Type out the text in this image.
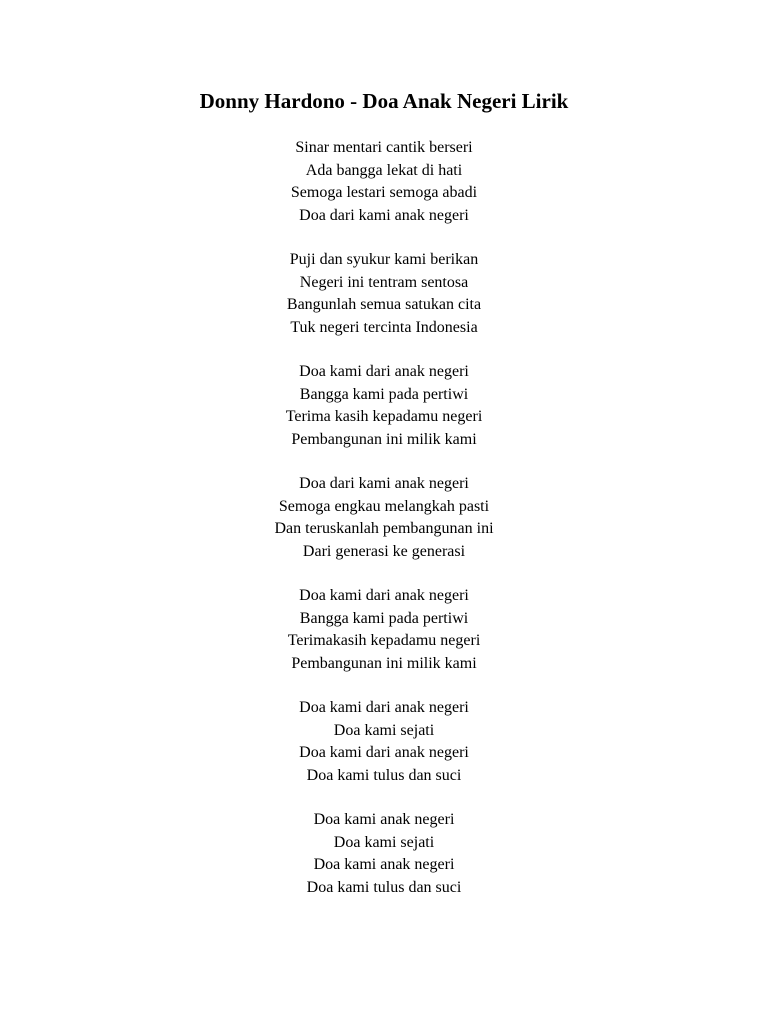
Donny Hardono - Doa Anak Negeri Lirik
Sinar mentari cantik berseri
Ada bangga lekat di hati
Semoga lestari semoga abadi
Doa dari kami anak negeri
Puji dan syukur kami berikan
Negeri ini tentram sentosa
Bangunlah semua satukan cita
Tuk negeri tercinta Indonesia
Doa kami dari anak negeri
Bangga kami pada pertiwi
Terima kasih kepadamu negeri
Pembangunan ini milik kami
Doa dari kami anak negeri
Semoga engkau melangkah pasti
Dan teruskanlah pembangunan ini
Dari generasi ke generasi
Doa kami dari anak negeri
Bangga kami pada pertiwi
Terimakasih kepadamu negeri
Pembangunan ini milik kami
Doa kami dari anak negeri
Doa kami sejati
Doa kami dari anak negeri
Doa kami tulus dan suci
Doa kami anak negeri
Doa kami sejati
Doa kami anak negeri
Doa kami tulus dan suci
